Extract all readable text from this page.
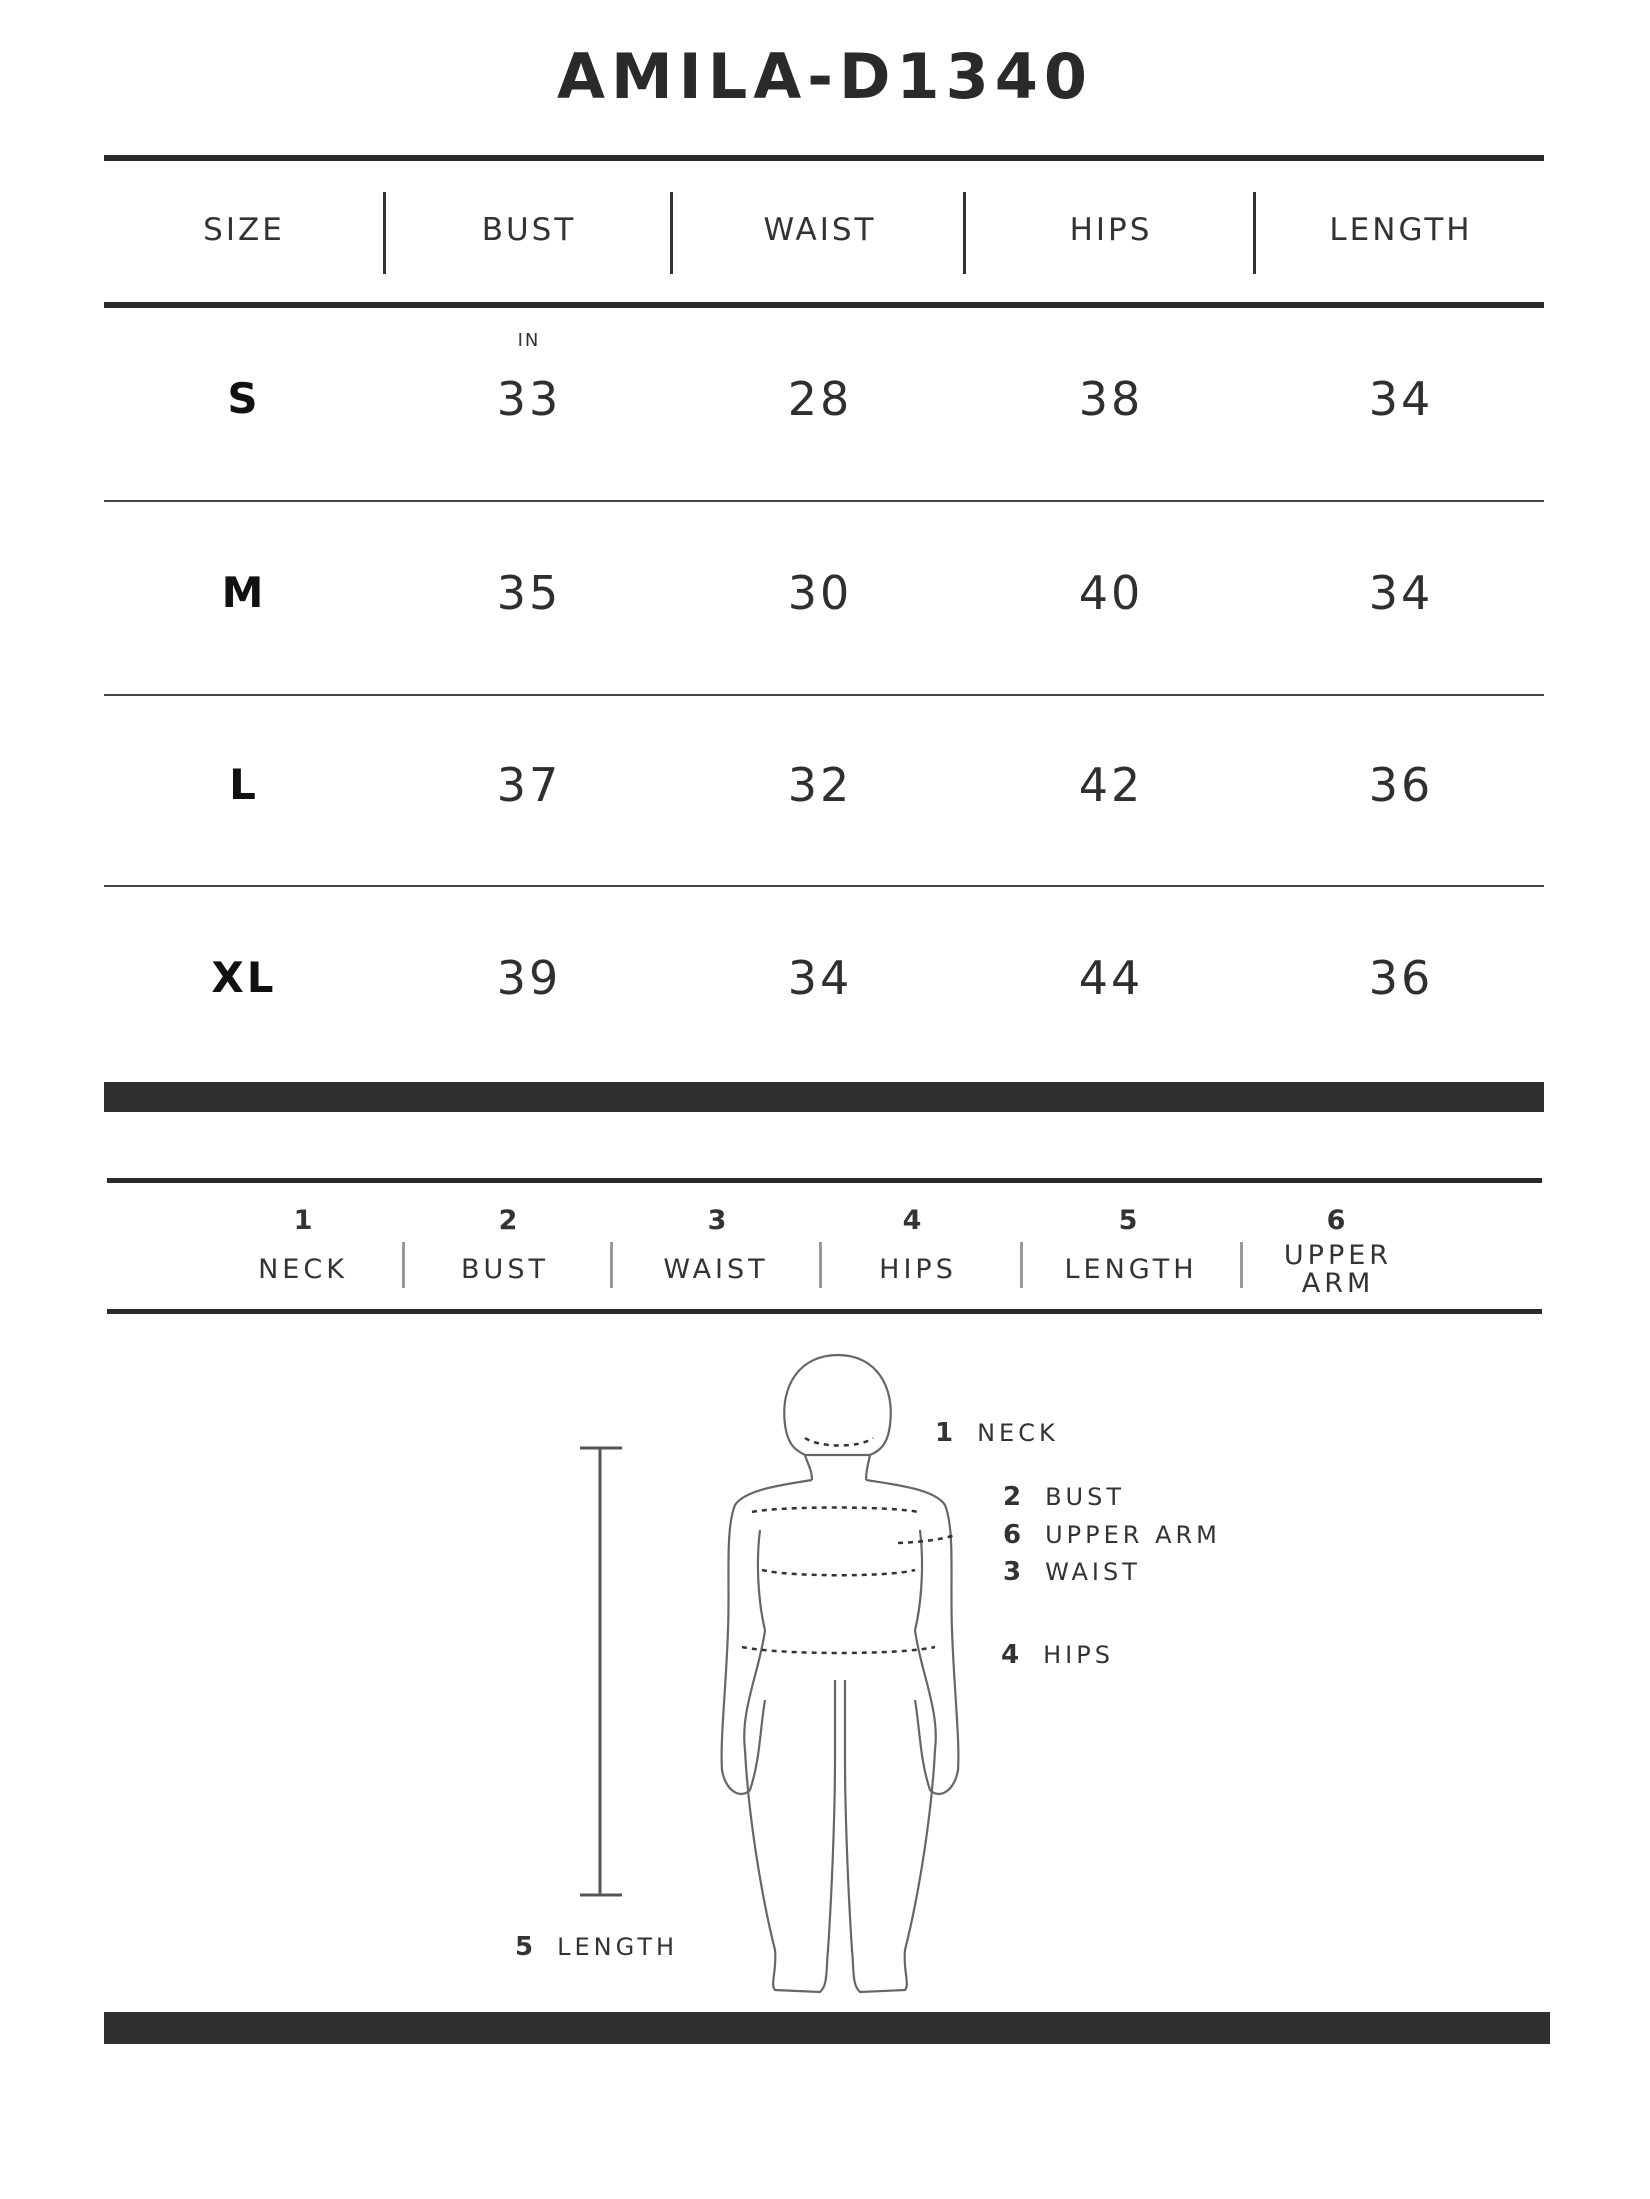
AMILA-D1340
SIZE	BUST	WAIST	HIPS	LENGTH
IN
S	33	28	38	34
M	35	30	40	34
L	37	32	42	36
XL	39	34	44	36
1
NECK
2
BUST
3
WAIST
4
HIPS
5
LENGTH
6
UPPER ARM
1 NECK
2 BUST
6 UPPER ARM
3 WAIST
4 HIPS
5 LENGTH
